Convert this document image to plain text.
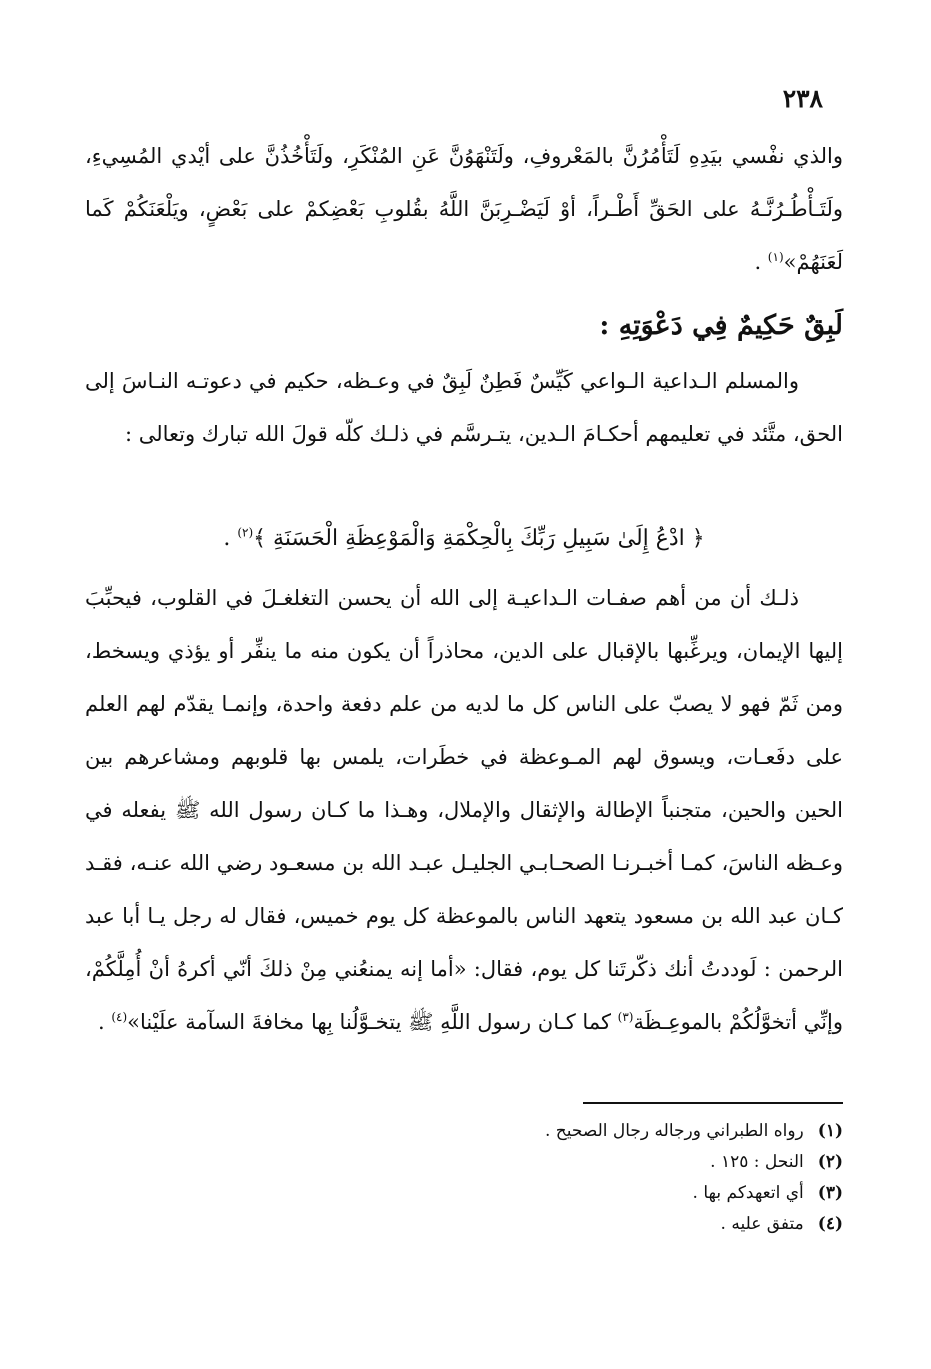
٢٣٨
والذي نفْسي بيَدِهِ لَتَأْمُرُنَّ بالمَعْروفِ، ولَتَنْهَوُنَّ عَنِ المُنْكَرِ، ولَتَأْخُذُنَّ على أيْدي المُسِيءِ، ولَتَـأْطُـرُنَّـهُ على الحَقِّ أَطْـراً، أوْ لَيَضْـرِبَنَّ اللَّهُ بقُلوبِ بَعْضِكمْ على بَعْضٍ، ويَلْعَنَكُمْ كَما لَعَنَهُمْ»$^{(١)}$ .
لَبِقٌ حَكِيمٌ فِي دَعْوَتِهِ :
والمسلم الـداعية الـواعي كَيِّسٌ فَطِنٌ لَبِقٌ في وعـظه، حكيم في دعوتـه النـاسَ إلى الحق، متَّئد في تعليمهم أحكـامَ الـدين، يتـرسَّم في ذلـك كلّه قولَ الله تبارك وتعالى :
﴿ ادْعُ إِلَىٰ سَبِيلِ رَبِّكَ بِالْحِكْمَةِ وَالْمَوْعِظَةِ الْحَسَنَةِ ﴾$^{(٢)}$ .
ذلـك أن من أهم صفـات الـداعيـة إلى الله أن يحسن التغلغـلَ في القلوب، فيحبِّبَ إليها الإيمان، ويرغِّبها بالإقبال على الدين، محاذراً أن يكون منه ما ينفِّر أو يؤذي ويسخط، ومن ثَمّ فهو لا يصبّ على الناس كل ما لديه من علم دفعة واحدة، وإنمـا يقدّم لهم العلم على دفَعـات، ويسوق لهم المـوعظة في خطَرات، يلمس بها قلوبهم ومشاعرهم بين الحين والحين، متجنباً الإطالة والإثقال والإملال، وهـذا ما كـان رسول الله ﷺ يفعله في وعـظه الناسَ، كمـا أخبـرنـا الصحـابـي الجليـل عبـد الله بن مسعـود رضي الله عنـه، فقـد كـان عبد الله بن مسعود يتعهد الناس بالموعظة كل يوم خميس، فقال له رجل يـا أبا عبد الرحمن : لَوددتُ أنك ذكّرتَنا كل يوم، فقال: «أما إنه يمنعُني مِنْ ذلكَ أنّي أكرهُ أنْ أُمِلَّكُمْ، وإنِّي أتخوَّلُكُمْ بالموعِـظَة$^{(٣)}$ كما كـان رسول اللَّهِ ﷺ يتخـوَّلُنا بِها مخافةَ السآمة علَيْنا»$^{(٤)}$ .
(١)
رواه الطبراني ورجاله رجال الصحيح .
(٢)
النحل : ١٢٥ .
(٣)
أي اتعهدكم بها .
(٤)
متفق عليه .
